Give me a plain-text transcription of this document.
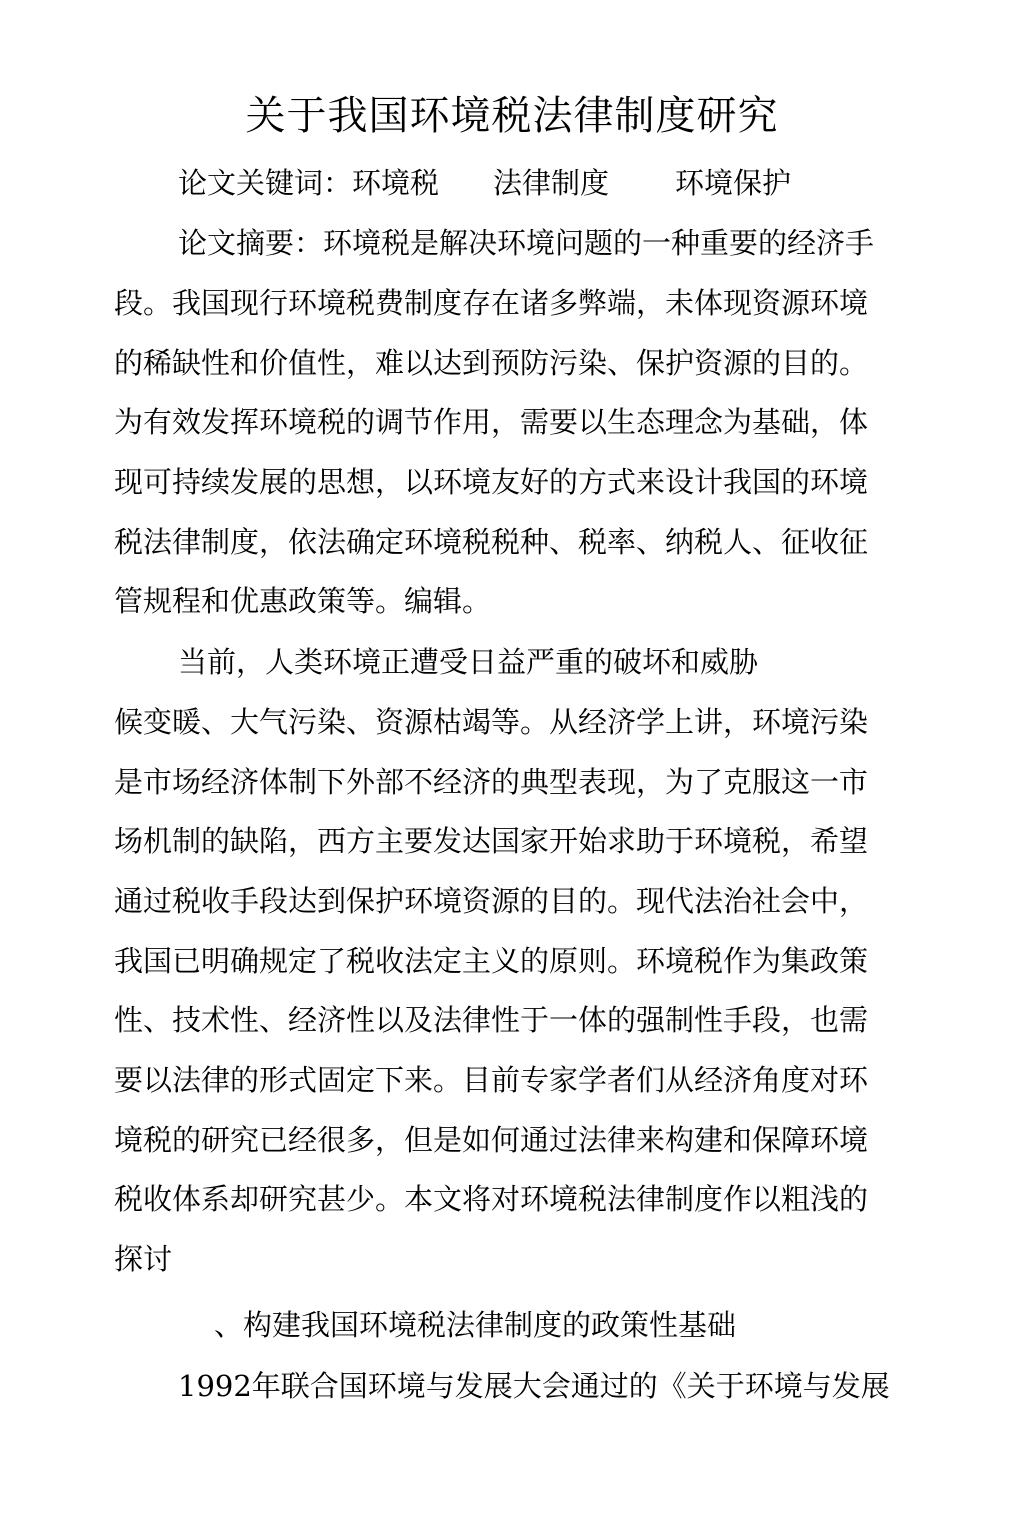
关于我国环境税法律制度研究
论文关键词：环境税 法律制度 环境保护
论文摘要：环境税是解决环境问题的一种重要的经济手
段。我国现行环境税费制度存在诸多弊端，未体现资源环境
的稀缺性和价值性，难以达到预防污染、保护资源的目的。
为有效发挥环境税的调节作用，需要以生态理念为基础，体
现可持续发展的思想，以环境友好的方式来设计我国的环境
税法律制度，依法确定环境税税种、税率、纳税人、征收征
管规程和优惠政策等。编辑。
当前，人类环境正遭受日益严重的破坏和威胁
候变暖、大气污染、资源枯竭等。从经济学上讲，环境污染
是市场经济体制下外部不经济的典型表现，为了克服这一市
场机制的缺陷，西方主要发达国家开始求助于环境税，希望
通过税收手段达到保护环境资源的目的。现代法治社会中，
我国已明确规定了税收法定主义的原则。环境税作为集政策
性、技术性、经济性以及法律性于一体的强制性手段，也需
要以法律的形式固定下来。目前专家学者们从经济角度对环
境税的研究已经很多，但是如何通过法律来构建和保障环境
税收体系却研究甚少。本文将对环境税法律制度作以粗浅的
探讨
、构建我国环境税法律制度的政策性基础
1992年联合国环境与发展大会通过的《关于环境与发展
